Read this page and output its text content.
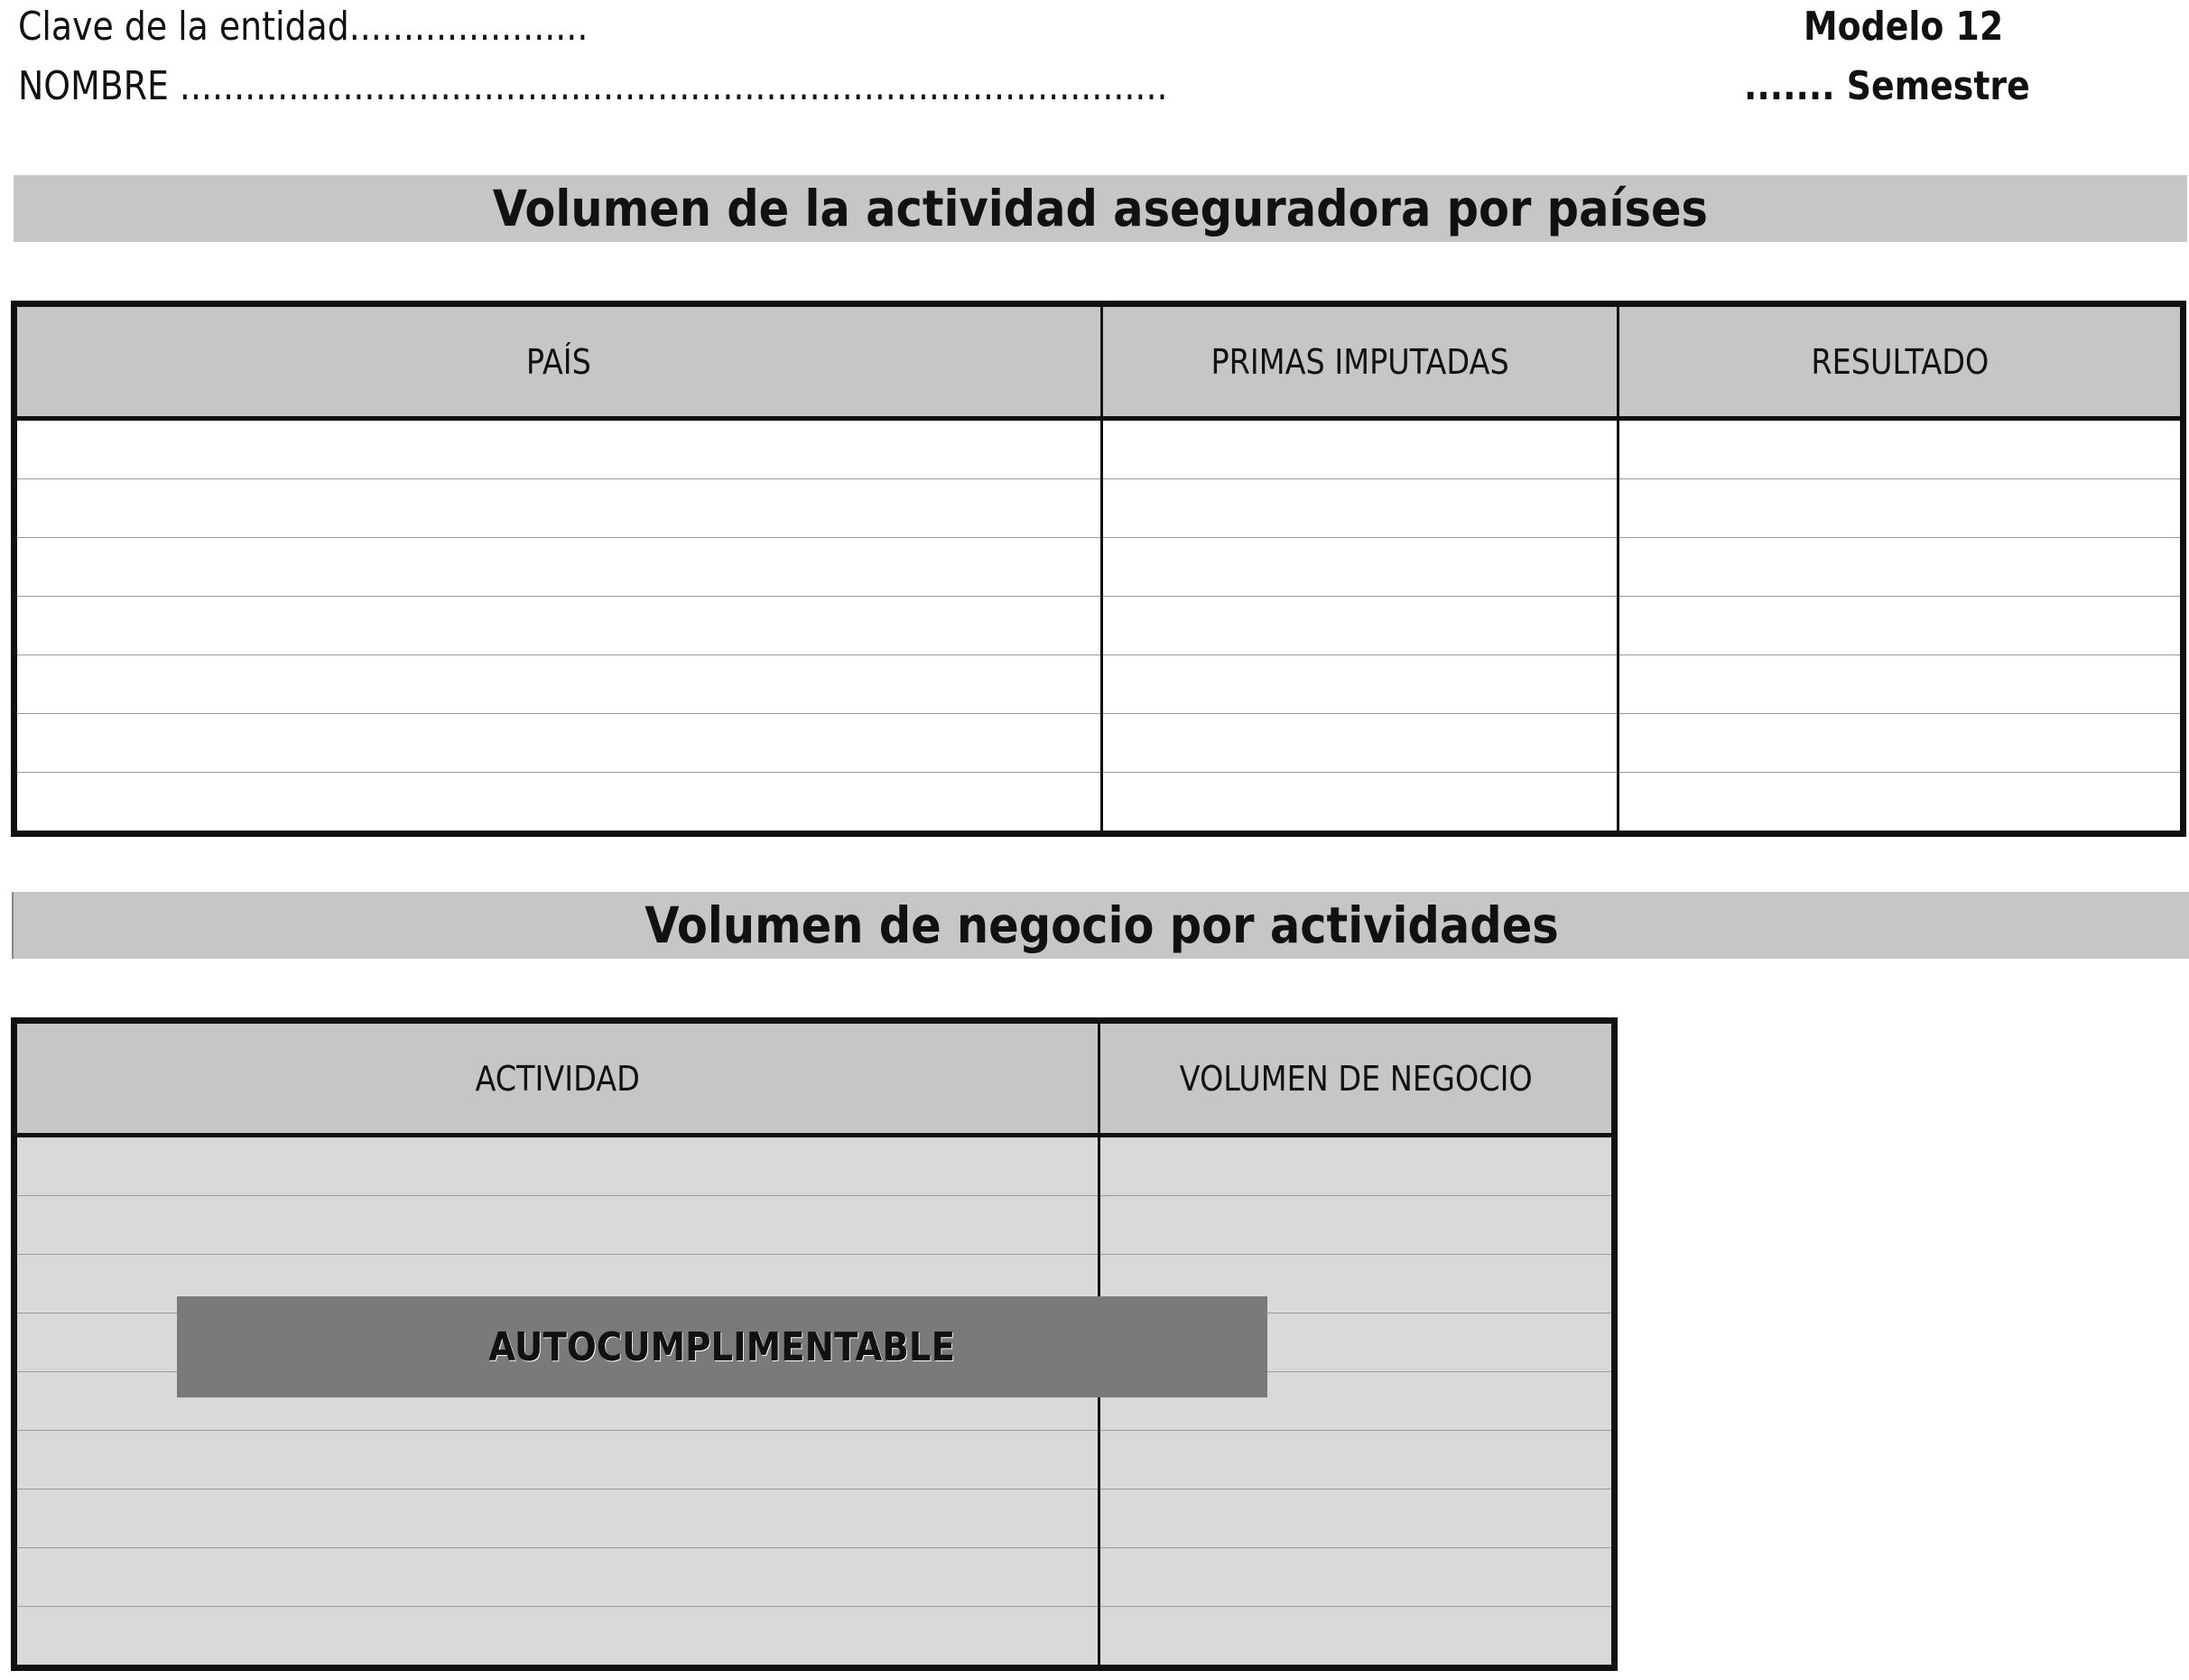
Clave de la entidad......................
NOMBRE ...........................................................................................
Modelo 12
....... Semestre
Volumen de la actividad aseguradora por países
PAÍS	PRIMAS IMPUTADAS	RESULTADO

Volumen de negocio por actividades
ACTIVIDAD	VOLUMEN DE NEGOCIO

AUTOCUMPLIMENTABLE
